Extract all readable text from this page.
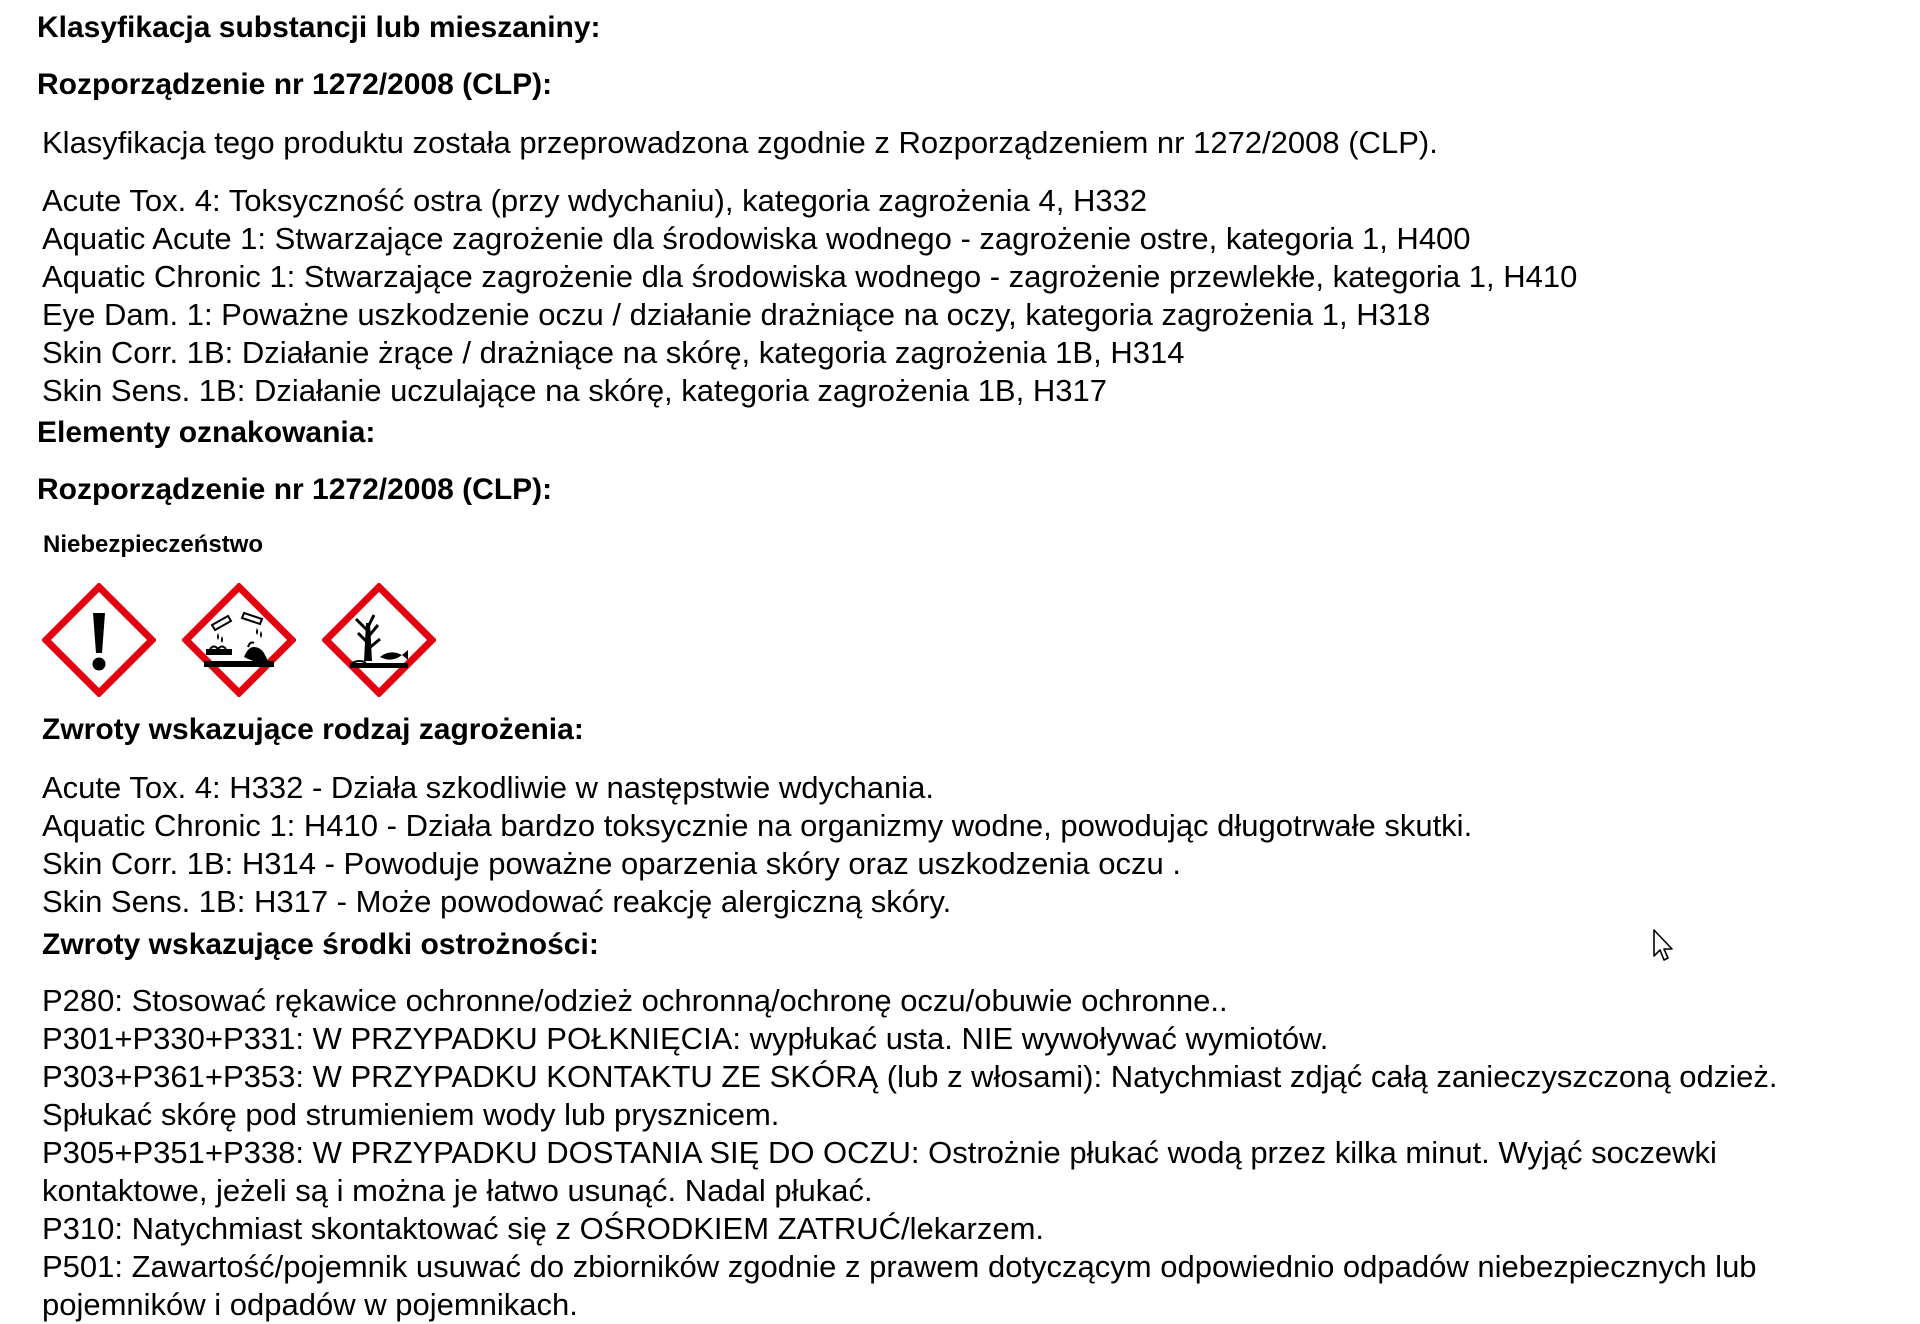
Klasyfikacja substancji lub mieszaniny:
Rozporządzenie nr 1272/2008 (CLP):

Klasyfikacja tego produktu została przeprowadzona zgodnie z Rozporządzeniem nr 1272/2008 (CLP).

Acute Tox. 4: Toksyczność ostra (przy wdychaniu), kategoria zagrożenia 4, H332
Aquatic Acute 1: Stwarzające zagrożenie dla środowiska wodnego - zagrożenie ostre, kategoria 1, H400
Aquatic Chronic 1: Stwarzające zagrożenie dla środowiska wodnego - zagrożenie przewlekłe, kategoria 1, H410
Eye Dam. 1: Poważne uszkodzenie oczu / działanie drażniące na oczy, kategoria zagrożenia 1, H318
Skin Corr. 1B: Działanie żrące / drażniące na skórę, kategoria zagrożenia 1B, H314
Skin Sens. 1B: Działanie uczulające na skórę, kategoria zagrożenia 1B, H317
Elementy oznakowania:
Rozporządzenie nr 1272/2008 (CLP):
Niebezpieczeństwo
Zwroty wskazujące rodzaj zagrożenia:
Acute Tox. 4: H332 - Działa szkodliwie w następstwie wdychania.
Aquatic Chronic 1: H410 - Działa bardzo toksycznie na organizmy wodne, powodując długotrwałe skutki.
Skin Corr. 1B: H314 - Powoduje poważne oparzenia skóry oraz uszkodzenia oczu .
Skin Sens. 1B: H317 - Może powodować reakcję alergiczną skóry.
Zwroty wskazujące środki ostrożności:
P280: Stosować rękawice ochronne/odzież ochronną/ochronę oczu/obuwie ochronne..
P301+P330+P331: W PRZYPADKU POŁKNIĘCIA: wypłukać usta. NIE wywoływać wymiotów.
P303+P361+P353: W PRZYPADKU KONTAKTU ZE SKÓRĄ (lub z włosami): Natychmiast zdjąć całą zanieczyszczoną odzież.
Spłukać skórę pod strumieniem wody lub prysznicem.
P305+P351+P338: W PRZYPADKU DOSTANIA SIĘ DO OCZU: Ostrożnie płukać wodą przez kilka minut. Wyjąć soczewki
kontaktowe, jeżeli są i można je łatwo usunąć. Nadal płukać.
P310: Natychmiast skontaktować się z OŚRODKIEM ZATRUĆ/lekarzem.
P501: Zawartość/pojemnik usuwać do zbiorników zgodnie z prawem dotyczącym odpowiednio odpadów niebezpiecznych lub
pojemników i odpadów w pojemnikach.
